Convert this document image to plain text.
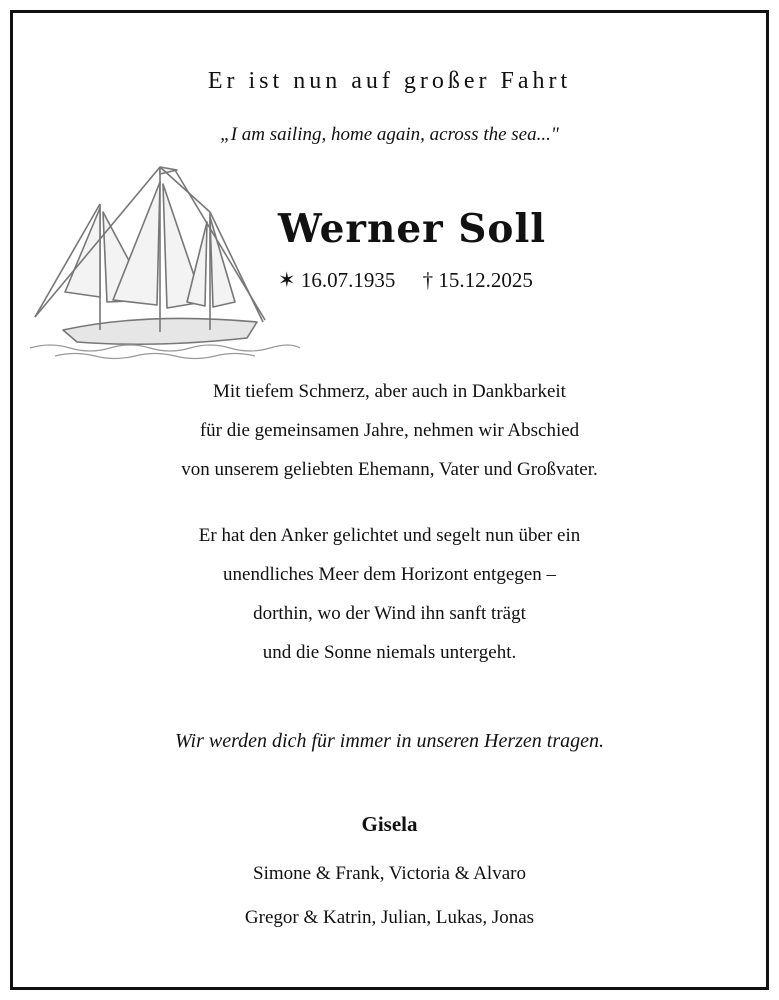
Er ist nun auf großer Fahrt
„I am sailing, home again, across the sea..."
Werner Soll
✶ 16.07.1935 † 15.12.2025
Mit tiefem Schmerz, aber auch in Dankbarkeit
für die gemeinsamen Jahre, nehmen wir Abschied
von unserem geliebten Ehemann, Vater und Großvater.
Er hat den Anker gelichtet und segelt nun über ein
unendliches Meer dem Horizont entgegen –
dorthin, wo der Wind ihn sanft trägt
und die Sonne niemals untergeht.
Wir werden dich für immer in unseren Herzen tragen.
Gisela
Simone & Frank, Victoria & Alvaro
Gregor & Katrin, Julian, Lukas, Jonas
